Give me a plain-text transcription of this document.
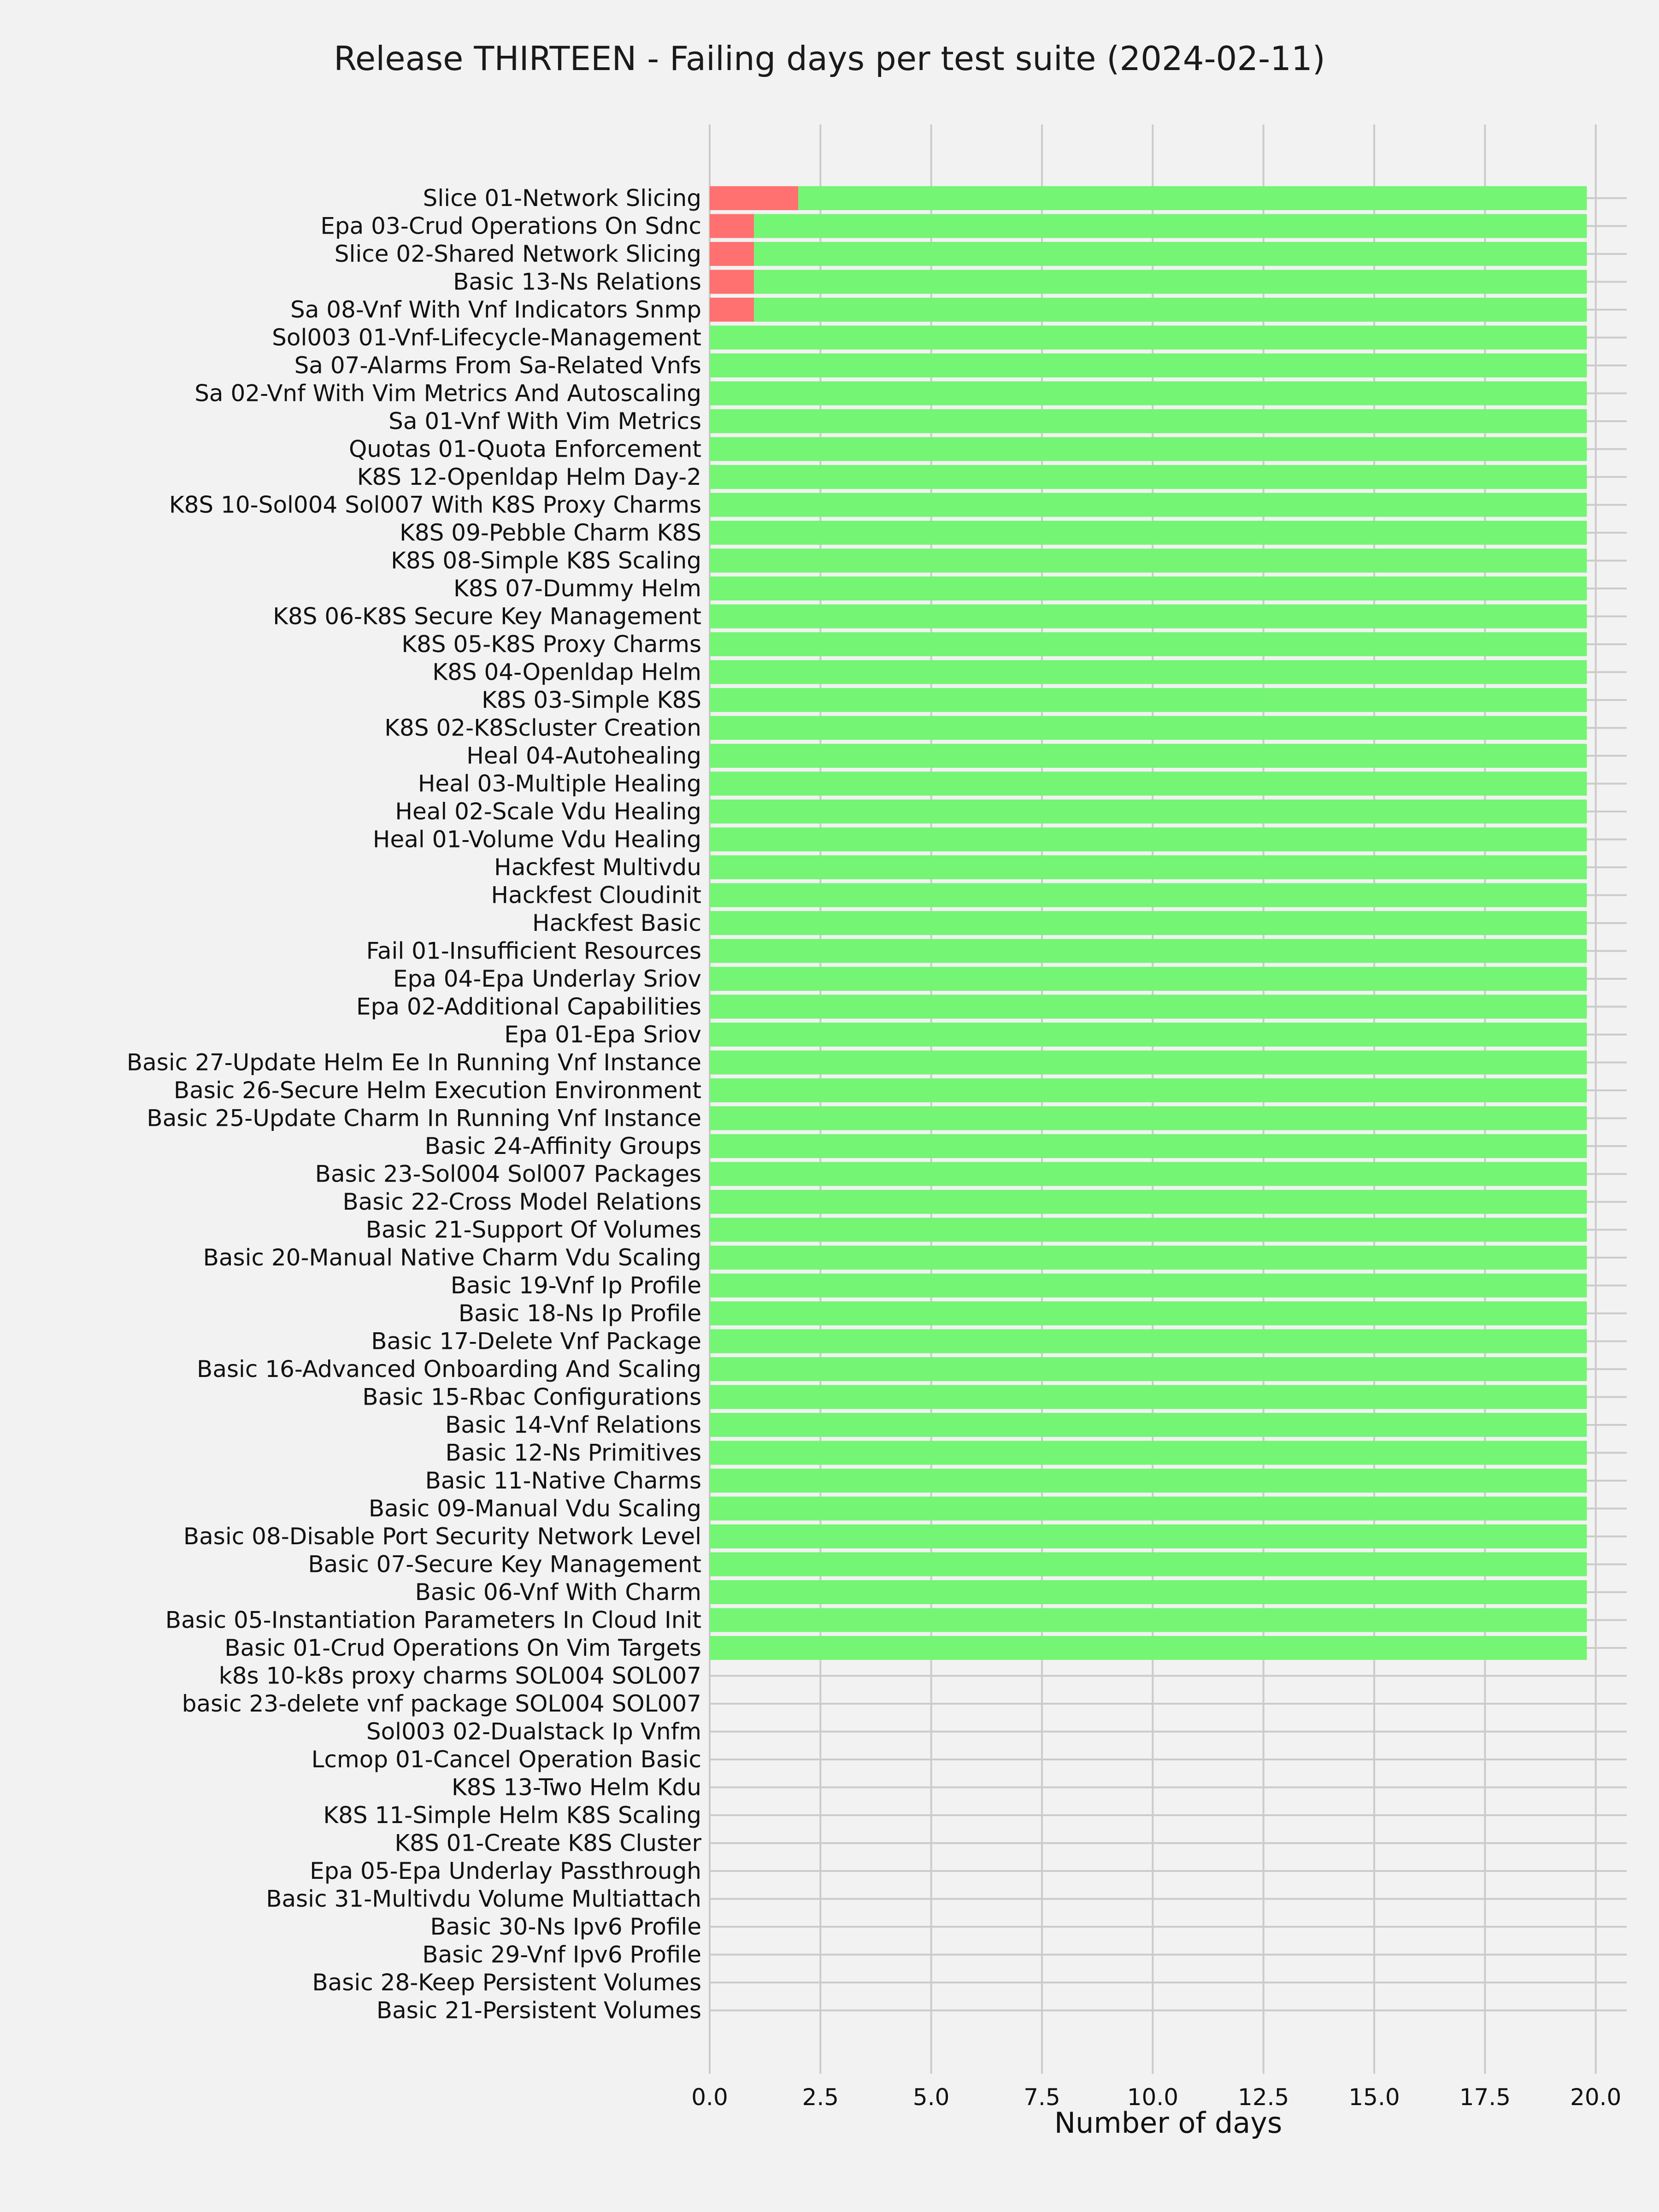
Release THIRTEEN - Failing days per test suite (2024-02-11)
Slice 01-Network Slicing
Epa 03-Crud Operations On Sdnc
Slice 02-Shared Network Slicing
Basic 13-Ns Relations
Sa 08-Vnf With Vnf Indicators Snmp
Sol003 01-Vnf-Lifecycle-Management
Sa 07-Alarms From Sa-Related Vnfs
Sa 02-Vnf With Vim Metrics And Autoscaling
Sa 01-Vnf With Vim Metrics
Quotas 01-Quota Enforcement
K8S 12-Openldap Helm Day-2
K8S 10-Sol004 Sol007 With K8S Proxy Charms
K8S 09-Pebble Charm K8S
K8S 08-Simple K8S Scaling
K8S 07-Dummy Helm
K8S 06-K8S Secure Key Management
K8S 05-K8S Proxy Charms
K8S 04-Openldap Helm
K8S 03-Simple K8S
K8S 02-K8Scluster Creation
Heal 04-Autohealing
Heal 03-Multiple Healing
Heal 02-Scale Vdu Healing
Heal 01-Volume Vdu Healing
Hackfest Multivdu
Hackfest Cloudinit
Hackfest Basic
Fail 01-Insufficient Resources
Epa 04-Epa Underlay Sriov
Epa 02-Additional Capabilities
Epa 01-Epa Sriov
Basic 27-Update Helm Ee In Running Vnf Instance
Basic 26-Secure Helm Execution Environment
Basic 25-Update Charm In Running Vnf Instance
Basic 24-Affinity Groups
Basic 23-Sol004 Sol007 Packages
Basic 22-Cross Model Relations
Basic 21-Support Of Volumes
Basic 20-Manual Native Charm Vdu Scaling
Basic 19-Vnf Ip Profile
Basic 18-Ns Ip Profile
Basic 17-Delete Vnf Package
Basic 16-Advanced Onboarding And Scaling
Basic 15-Rbac Configurations
Basic 14-Vnf Relations
Basic 12-Ns Primitives
Basic 11-Native Charms
Basic 09-Manual Vdu Scaling
Basic 08-Disable Port Security Network Level
Basic 07-Secure Key Management
Basic 06-Vnf With Charm
Basic 05-Instantiation Parameters In Cloud Init
Basic 01-Crud Operations On Vim Targets
k8s 10-k8s proxy charms SOL004 SOL007
basic 23-delete vnf package SOL004 SOL007
Sol003 02-Dualstack Ip Vnfm
Lcmop 01-Cancel Operation Basic
K8S 13-Two Helm Kdu
K8S 11-Simple Helm K8S Scaling
K8S 01-Create K8S Cluster
Epa 05-Epa Underlay Passthrough
Basic 31-Multivdu Volume Multiattach
Basic 30-Ns Ipv6 Profile
Basic 29-Vnf Ipv6 Profile
Basic 28-Keep Persistent Volumes
Basic 21-Persistent Volumes
0.0	2.5	5.0	7.5	10.0	12.5	15.0	17.5	20.0
Number of days
